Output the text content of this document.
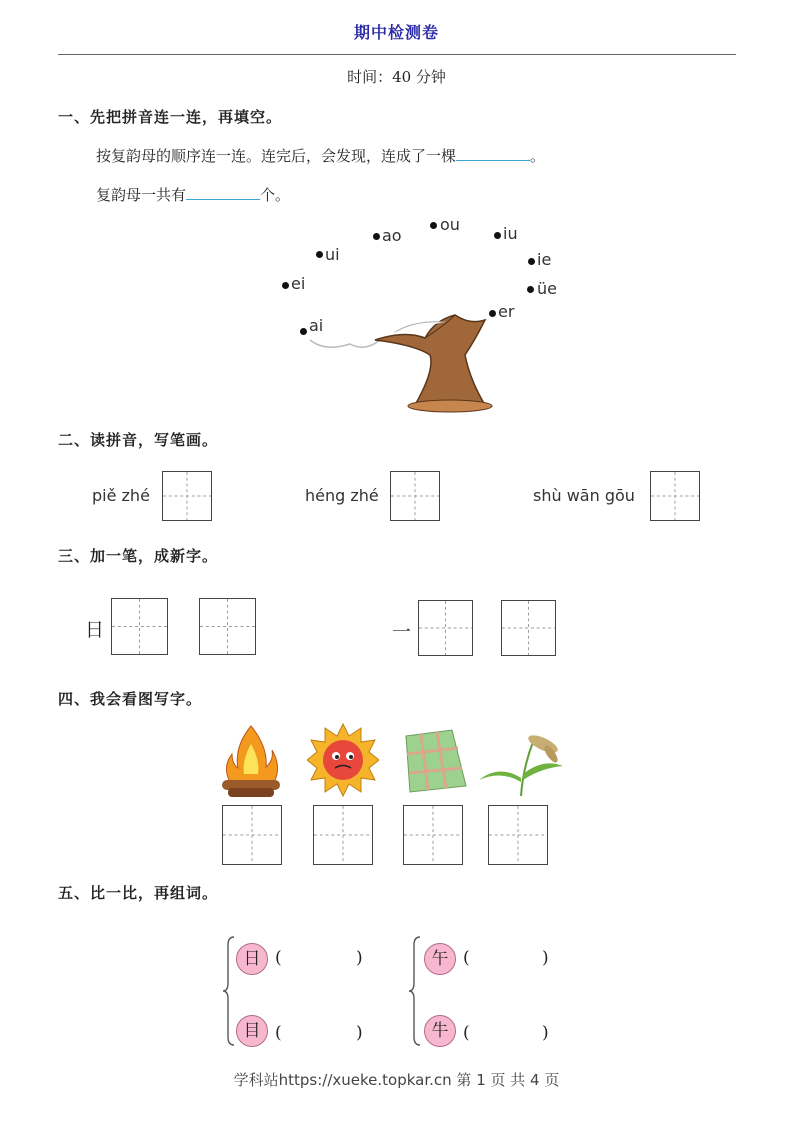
期中检测卷
时间：40 分钟
一、先把拼音连一连，再填空。
按复韵母的顺序连一连。连完后，会发现，连成了一棵	。
复韵母一共有	个。
ao
ou	iu
ui	ie
ei	üe
er
ai
二、读拼音，写笔画。
piě zhé	héng zhé	shù wān gōu
三、加一笔，成新字。
日	一
四、我会看图写字。
五、比一比，再组词。
日 (	)
目 (	)
午 (	)
牛 (	)
学科站https://xueke.topkar.cn 第 1 页 共 4 页
